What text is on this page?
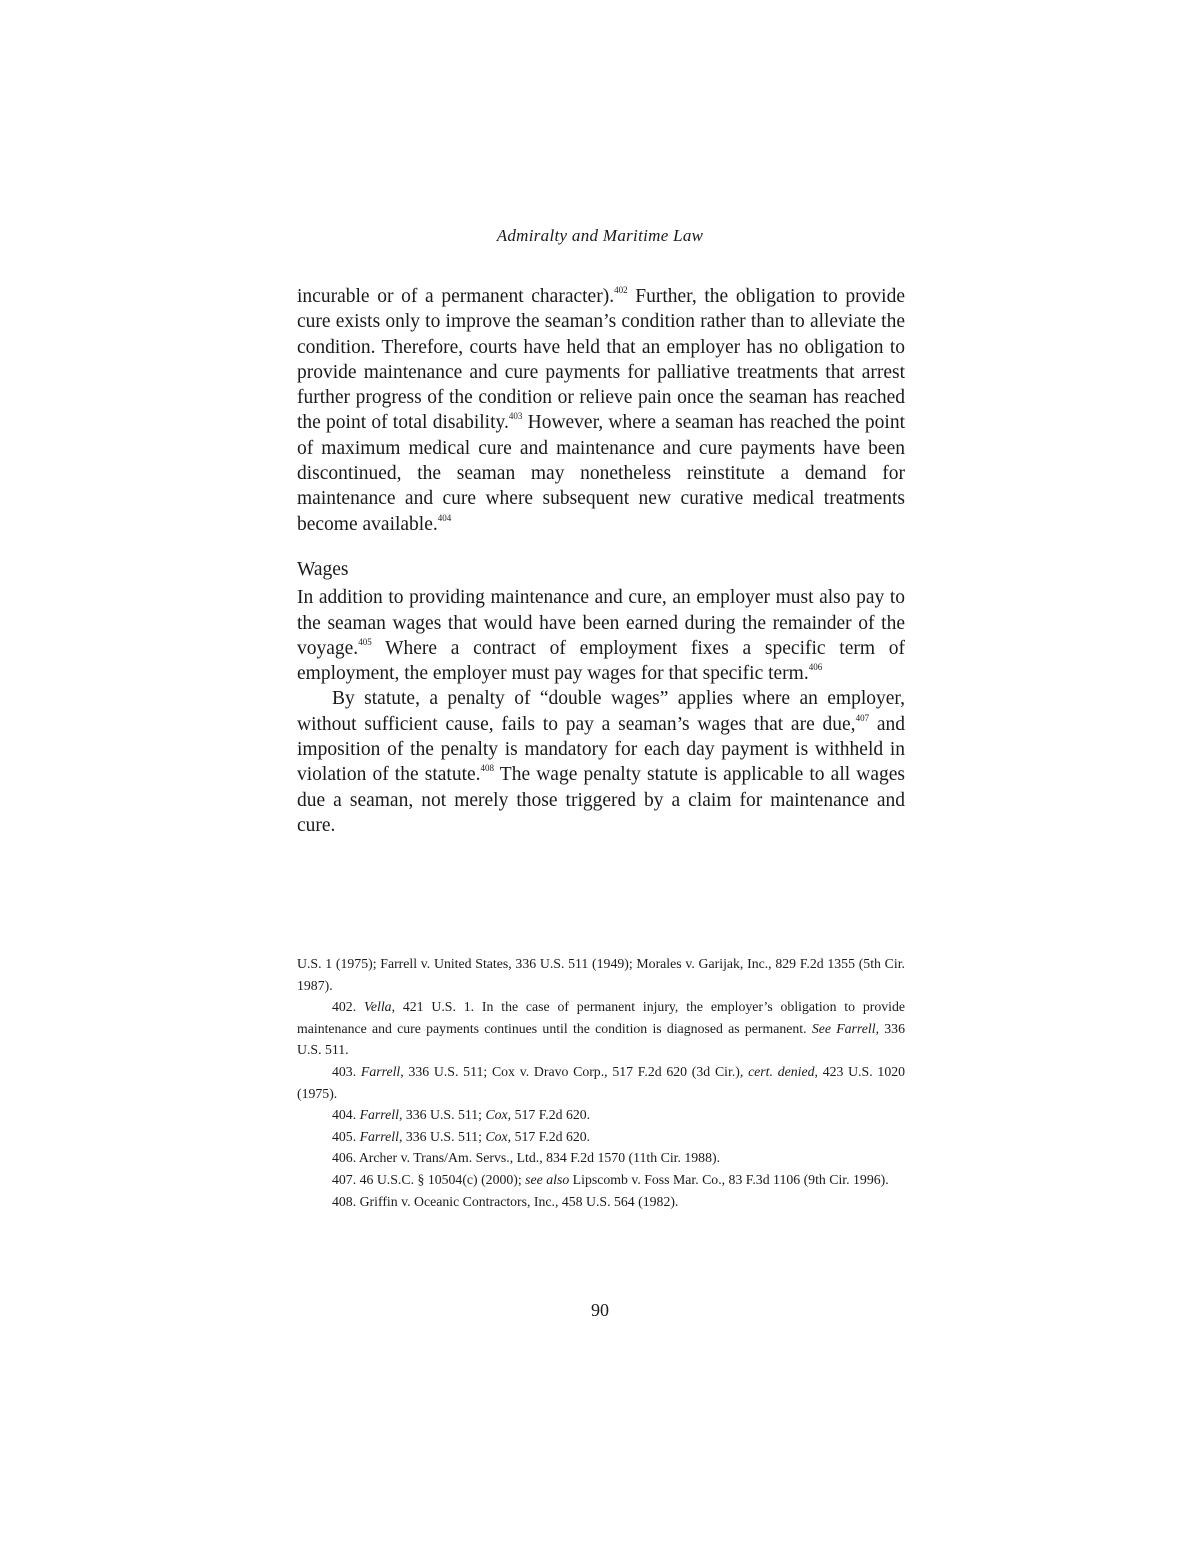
Admiralty and Maritime Law

incurable or of a permanent character).$^{402}$ Further, the obligation to provide cure exists only to improve the seaman’s condition rather than to alleviate the condition. Therefore, courts have held that an employer has no obligation to provide maintenance and cure payments for palliative treatments that arrest further progress of the condition or relieve pain once the seaman has reached the point of total disability.$^{403}$ However, where a seaman has reached the point of maximum medical cure and maintenance and cure payments have been discontinued, the seaman may nonetheless reinstitute a demand for maintenance and cure where subsequent new curative medical treatments become available.$^{404}$

Wages

In addition to providing maintenance and cure, an employer must also pay to the seaman wages that would have been earned during the remainder of the voyage.$^{405}$ Where a contract of employment fixes a specific term of employment, the employer must pay wages for that specific term.$^{406}$

By statute, a penalty of “double wages” applies where an employer, without sufficient cause, fails to pay a seaman’s wages that are due,$^{407}$ and imposition of the penalty is mandatory for each day payment is withheld in violation of the statute.$^{408}$ The wage penalty statute is applicable to all wages due a seaman, not merely those triggered by a claim for maintenance and cure.

U.S. 1 (1975); Farrell v. United States, 336 U.S. 511 (1949); Morales v. Garijak, Inc., 829 F.2d 1355 (5th Cir. 1987).

402. Vella, 421 U.S. 1. In the case of permanent injury, the employer’s obligation to provide maintenance and cure payments continues until the condition is diagnosed as permanent. See Farrell, 336 U.S. 511.

403. Farrell, 336 U.S. 511; Cox v. Dravo Corp., 517 F.2d 620 (3d Cir.), cert. denied, 423 U.S. 1020 (1975).

404. Farrell, 336 U.S. 511; Cox, 517 F.2d 620.

405. Farrell, 336 U.S. 511; Cox, 517 F.2d 620.

406. Archer v. Trans/Am. Servs., Ltd., 834 F.2d 1570 (11th Cir. 1988).

407. 46 U.S.C. § 10504(c) (2000); see also Lipscomb v. Foss Mar. Co., 83 F.3d 1106 (9th Cir. 1996).

408. Griffin v. Oceanic Contractors, Inc., 458 U.S. 564 (1982).

90
